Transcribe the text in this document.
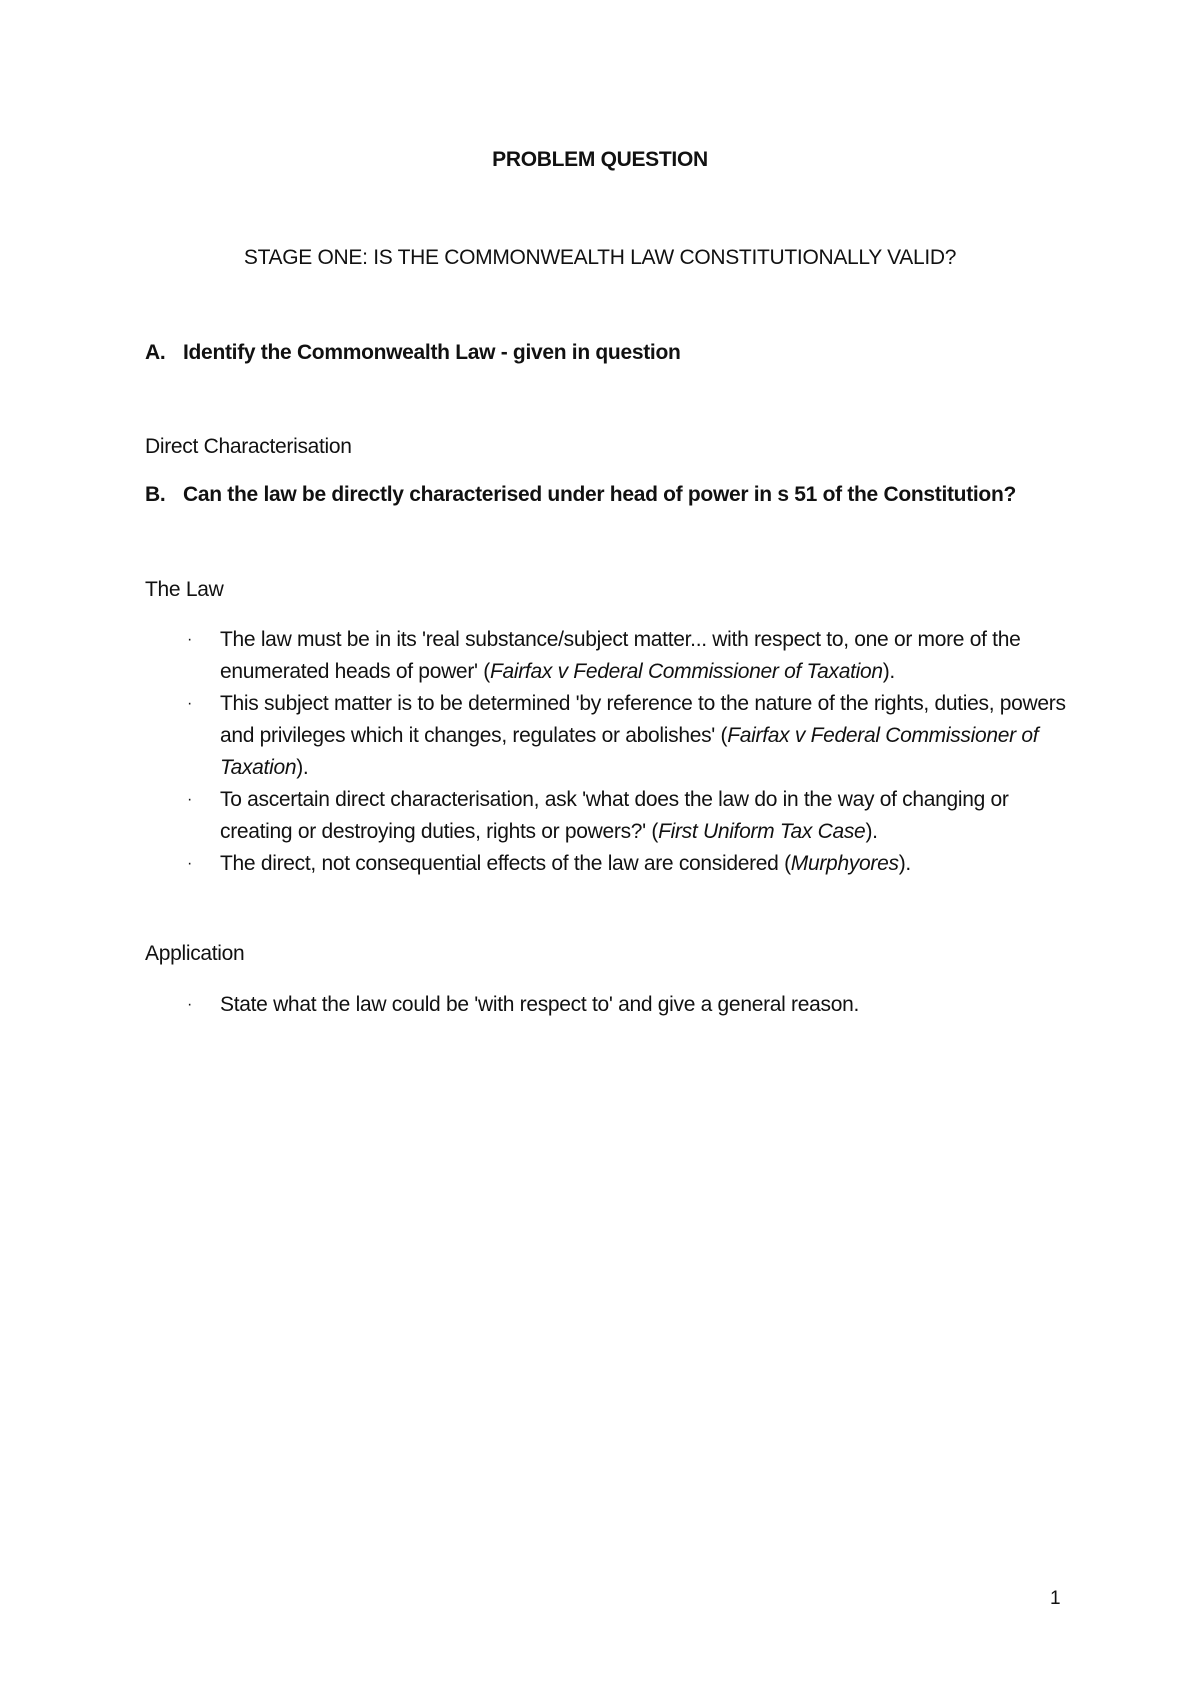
PROBLEM QUESTION
STAGE ONE: IS THE COMMONWEALTH LAW CONSTITUTIONALLY VALID?
A. Identify the Commonwealth Law - given in question
Direct Characterisation
B. Can the law be directly characterised under head of power in s 51 of the Constitution?
The Law
· The law must be in its 'real substance/subject matter... with respect to, one or more of the enumerated heads of power' (Fairfax v Federal Commissioner of Taxation).
· This subject matter is to be determined 'by reference to the nature of the rights, duties, powers and privileges which it changes, regulates or abolishes' (Fairfax v Federal Commissioner of Taxation).
· To ascertain direct characterisation, ask 'what does the law do in the way of changing or creating or destroying duties, rights or powers?' (First Uniform Tax Case).
· The direct, not consequential effects of the law are considered (Murphyores).
Application
· State what the law could be 'with respect to' and give a general reason.
1
